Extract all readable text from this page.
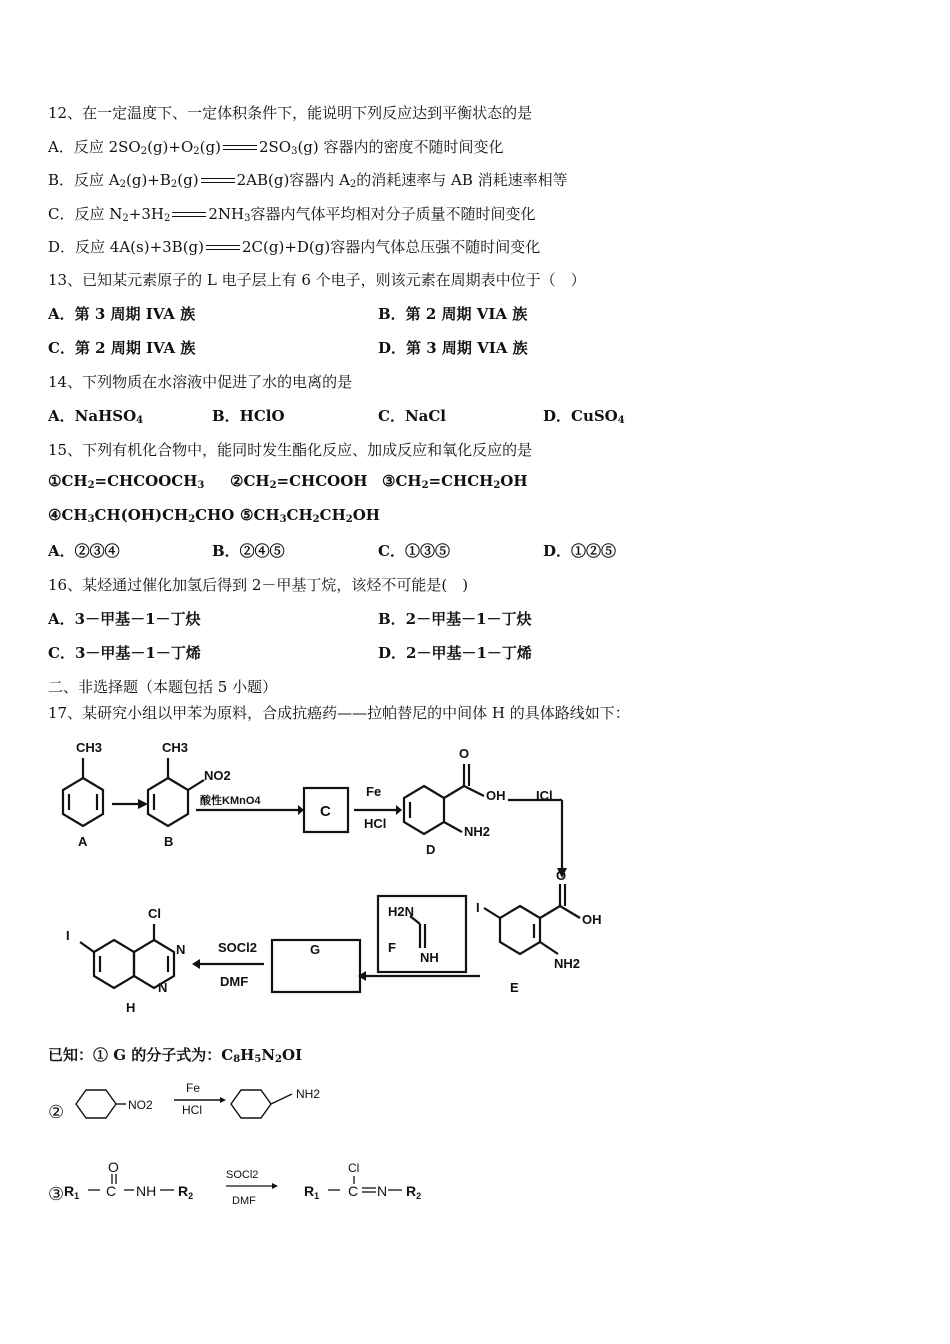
12、在一定温度下、一定体积条件下，能说明下列反应达到平衡状态的是
A．反应 $2SO_2(g)+O_2(g)$	$2SO_3(g)$ 容器内的密度不随时间变化
B．反应 $A_2(g)+B_2(g)$	2AB(g)容器内 $A_2$的消耗速率与 AB 消耗速率相等
C．反应 $N_2+3H_2$	$2NH_3$容器内气体平均相对分子质量不随时间变化
D．反应 4A(s)+3B(g)	2C(g)+D(g)容器内气体总压强不随时间变化
13、已知某元素原子的 L 电子层上有 6 个电子，则该元素在周期表中位于（　）
A．第 3 周期 IVA 族	B．第 2 周期 VIA 族
C．第 2 周期 IVA 族	D．第 3 周期 VIA 族
14、下列物质在水溶液中促进了水的电离的是
A．NaHSO$_4$	B．HClO	C．NaCl	D．CuSO$_4$
15、下列有机化合物中，能同时发生酯化反应、加成反应和氧化反应的是
$①CH_2=CHCOOCH_3$ $②CH_2=CHCOOH$ $③CH_2=CHCH_2OH$
$④CH_3CH(OH)CH_2CHO$ $⑤CH_3CH_2CH_2OH$
A．②③④	B．②④⑤	C．①③⑤	D．①②⑤
16、某烃通过催化加氢后得到 2－甲基丁烷，该烃不可能是(　)
A．3－甲基－1－丁炔	B．2－甲基－1－丁炔
C．3－甲基－1－丁烯	D．2－甲基－1－丁烯
二、非选择题（本题包括 5 小题）
17、某研究小组以甲苯为原料，合成抗癌药——拉帕替尼的中间体 H 的具体路线如下：
CH3	CH3
NO2
酸性KMnO4
C
Fe
HCl
O
OH
NH2
ICl
O
I
OH
NH2
H2N
F
NH
G
SOCl2
DMF
I
Cl
N
N
A	B
D
E
H
已知：① G 的分子式为：$C_8H_5N_2OI$
②	NO2
Fe
HCl
NH2
③ $R_1$
O
C NH $R_2$
SOCl2
DMF
$R_1$
Cl
C N $R_2$
